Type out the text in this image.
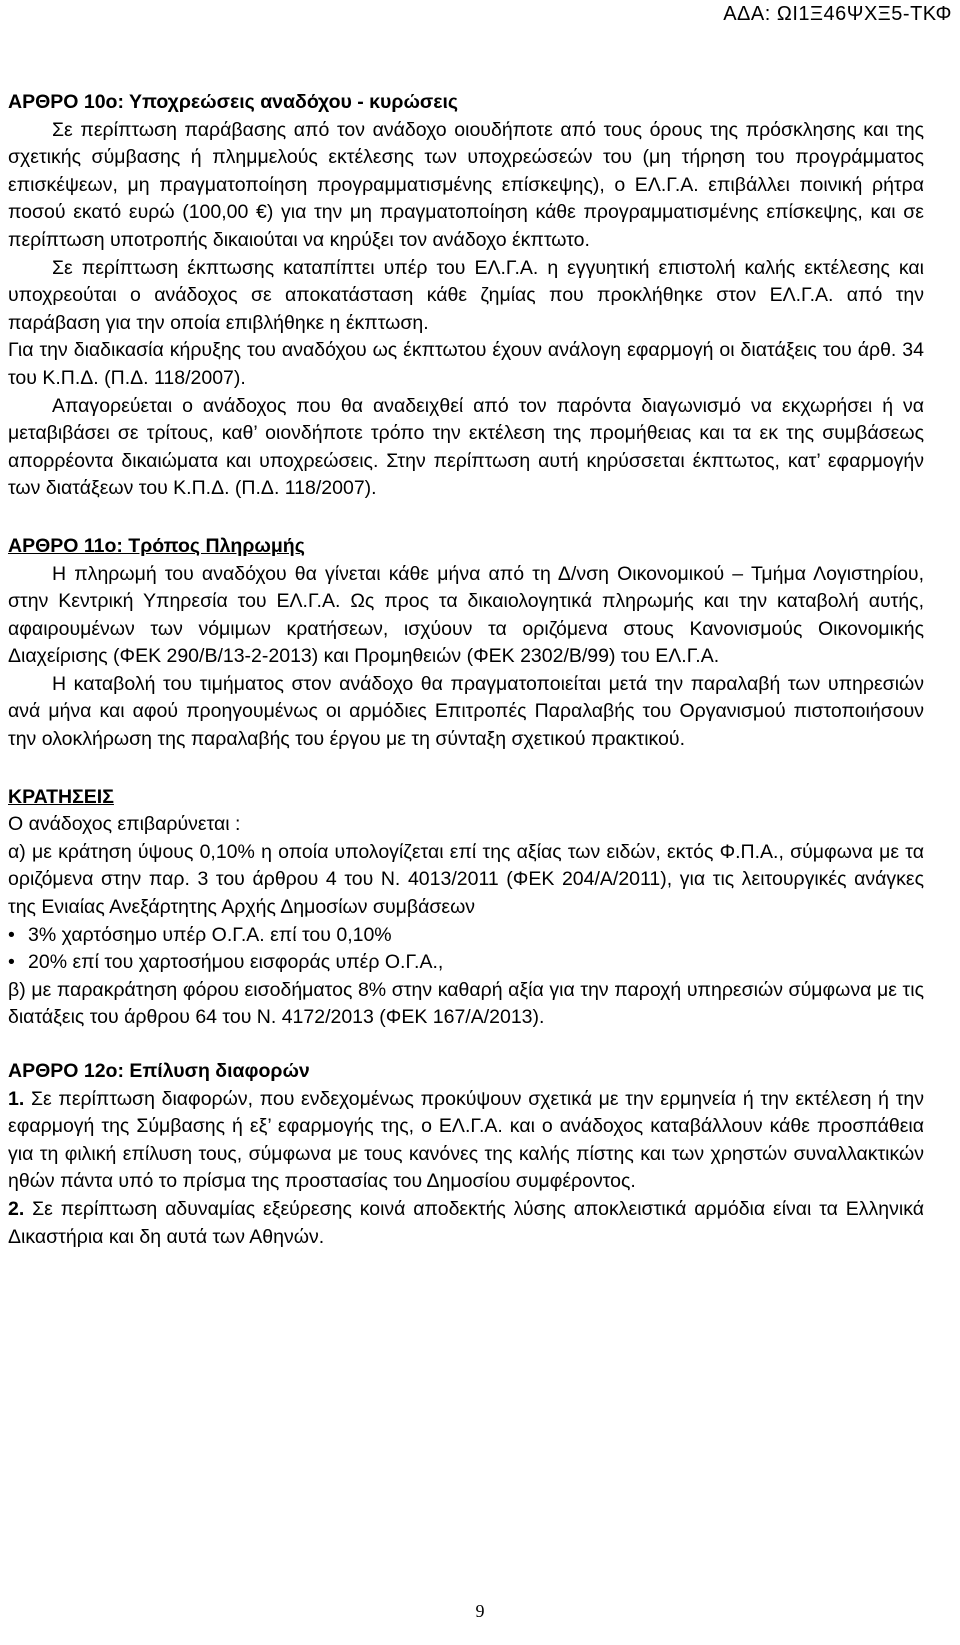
ΑΔΑ: ΩΙ1Ξ46ΨΧΞ5-ΤΚΦ

ΑΡΘΡΟ 10ο: Υποχρεώσεις αναδόχου - κυρώσεις

Σε περίπτωση παράβασης από τον ανάδοχο οιουδήποτε από τους όρους της πρόσκλησης και της σχετικής σύμβασης ή πλημμελούς εκτέλεσης των υποχρεώσεών του (μη τήρηση του προγράμματος επισκέψεων, μη πραγματοποίηση προγραμματισμένης επίσκεψης), ο ΕΛ.Γ.Α. επιβάλλει ποινική ρήτρα ποσού εκατό ευρώ (100,00 €) για την μη πραγματοποίηση κάθε προγραμματισμένης επίσκεψης, και σε περίπτωση υποτροπής δικαιούται να κηρύξει τον ανάδοχο έκπτωτο.

Σε περίπτωση έκπτωσης καταπίπτει υπέρ του ΕΛ.Γ.Α. η εγγυητική επιστολή καλής εκτέλεσης και υποχρεούται ο ανάδοχος σε αποκατάσταση κάθε ζημίας που προκλήθηκε στον ΕΛ.Γ.Α. από την παράβαση για την οποία επιβλήθηκε η έκπτωση.

Για την διαδικασία κήρυξης του αναδόχου ως έκπτωτου έχουν ανάλογη εφαρμογή οι διατάξεις του άρθ. 34 του Κ.Π.Δ. (Π.Δ. 118/2007).

Απαγορεύεται ο ανάδοχος που θα αναδειχθεί από τον παρόντα διαγωνισμό να εκχωρήσει ή να μεταβιβάσει σε τρίτους, καθ’ οιονδήποτε τρόπο την εκτέλεση της προμήθειας και τα εκ της συμβάσεως απορρέοντα δικαιώματα και υποχρεώσεις. Στην περίπτωση αυτή κηρύσσεται έκπτωτος, κατ’ εφαρμογήν των διατάξεων του Κ.Π.Δ. (Π.Δ. 118/2007).

ΑΡΘΡΟ 11ο: Τρόπος Πληρωμής

Η πληρωμή του αναδόχου θα γίνεται κάθε μήνα από τη Δ/νση Οικονομικού – Τμήμα Λογιστηρίου, στην Κεντρική Υπηρεσία του ΕΛ.Γ.Α. Ως προς τα δικαιολογητικά πληρωμής και την καταβολή αυτής, αφαιρουμένων των νόμιμων κρατήσεων, ισχύουν τα οριζόμενα στους Κανονισμούς Οικονομικής Διαχείρισης (ΦΕΚ 290/Β/13-2-2013) και Προμηθειών (ΦΕΚ 2302/Β/99) του ΕΛ.Γ.Α.

Η καταβολή του τιμήματος στον ανάδοχο θα πραγματοποιείται μετά την παραλαβή των υπηρεσιών ανά μήνα και αφού προηγουμένως οι αρμόδιες Επιτροπές Παραλαβής του Οργανισμού πιστοποιήσουν την ολοκλήρωση της παραλαβής του έργου με τη σύνταξη σχετικού πρακτικού.

ΚΡΑΤΗΣΕΙΣ

Ο ανάδοχος επιβαρύνεται :

α) με κράτηση ύψους 0,10% η οποία υπολογίζεται επί της αξίας των ειδών, εκτός Φ.Π.Α., σύμφωνα με τα οριζόμενα στην παρ. 3 του άρθρου 4 του Ν. 4013/2011 (ΦΕΚ 204/Α/2011), για τις λειτουργικές ανάγκες της Ενιαίας Ανεξάρτητης Αρχής Δημοσίων συμβάσεων

• 3% χαρτόσημο υπέρ Ο.Γ.Α. επί του 0,10%

• 20% επί του χαρτοσήμου εισφοράς υπέρ Ο.Γ.Α.,

β) με παρακράτηση φόρου εισοδήματος 8% στην καθαρή αξία για την παροχή υπηρεσιών σύμφωνα με τις διατάξεις του άρθρου 64 του Ν. 4172/2013 (ΦΕΚ 167/Α/2013).

ΑΡΘΡΟ 12ο: Επίλυση διαφορών

1. Σε περίπτωση διαφορών, που ενδεχομένως προκύψουν σχετικά με την ερμηνεία ή την εκτέλεση ή την εφαρμογή της Σύμβασης ή εξ’ εφαρμογής της, ο ΕΛ.Γ.Α. και ο ανάδοχος καταβάλλουν κάθε προσπάθεια για τη φιλική επίλυση τους, σύμφωνα με τους κανόνες της καλής πίστης και των χρηστών συναλλακτικών ηθών πάντα υπό το πρίσμα της προστασίας του Δημοσίου συμφέροντος.

2. Σε περίπτωση αδυναμίας εξεύρεσης κοινά αποδεκτής λύσης αποκλειστικά αρμόδια είναι τα Ελληνικά Δικαστήρια και δη αυτά των Αθηνών.

9
